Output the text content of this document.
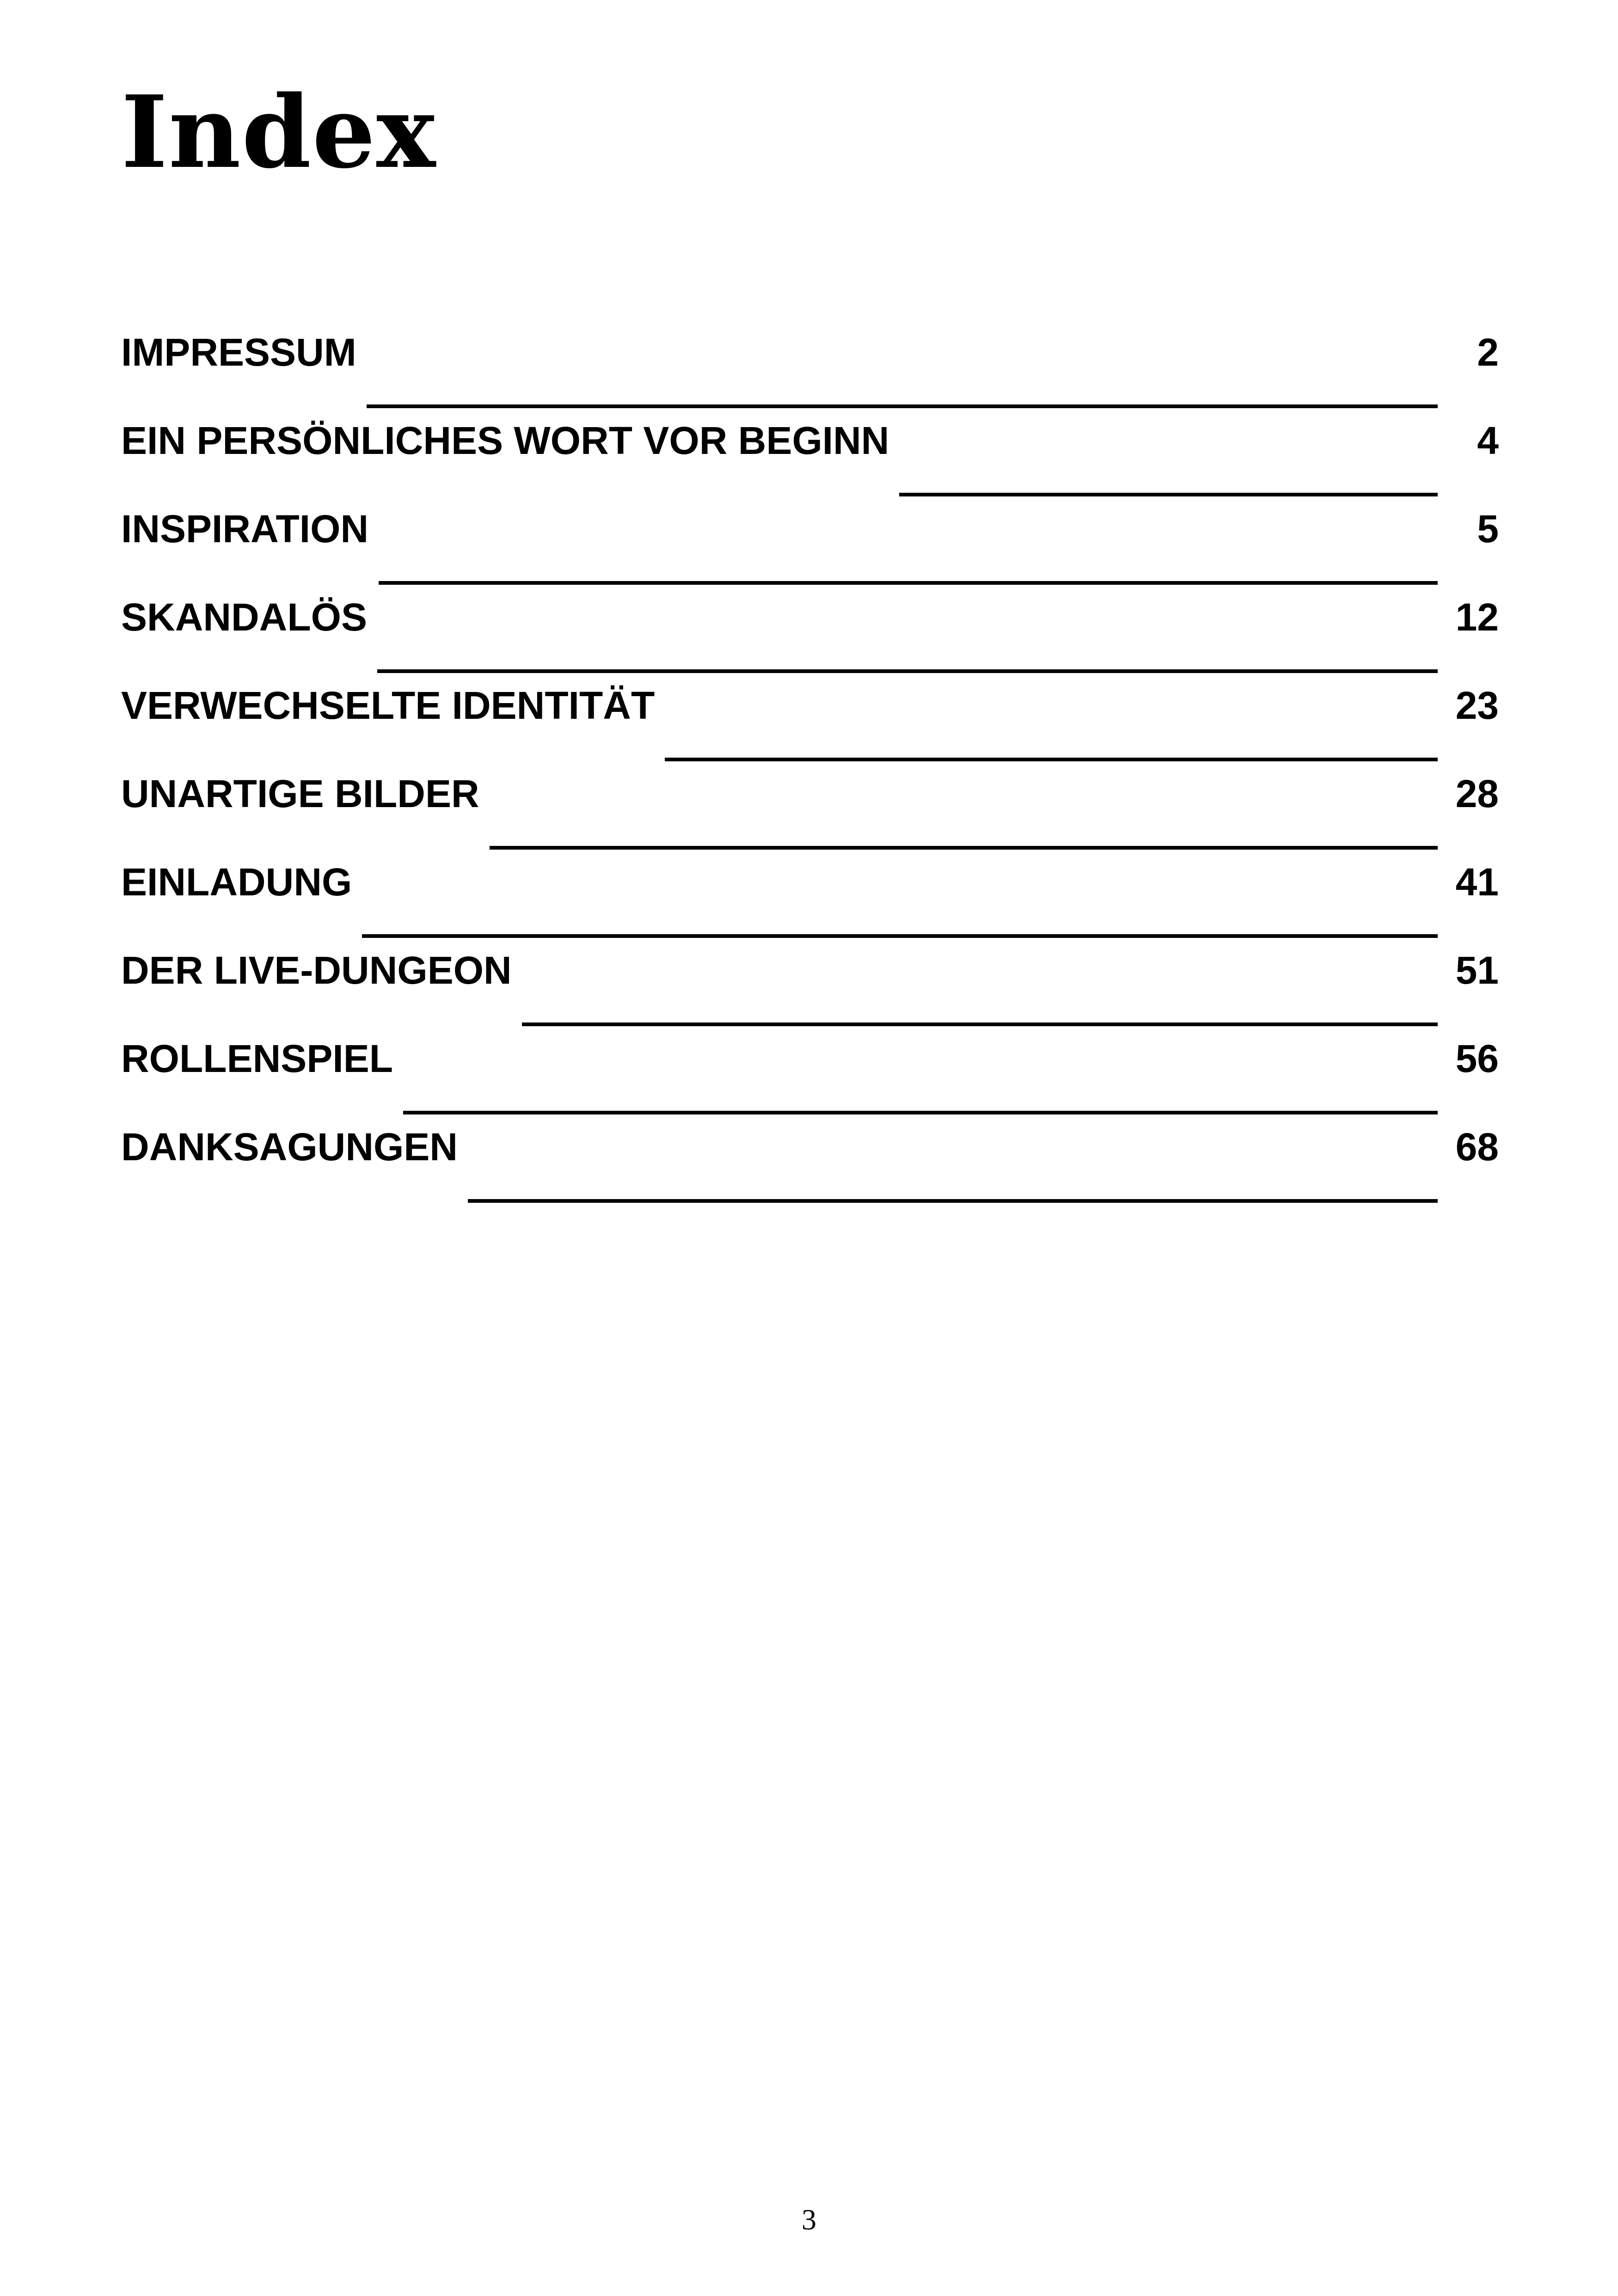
Index
IMPRESSUM	2
EIN PERSÖNLICHES WORT VOR BEGINN	4
INSPIRATION	5
SKANDALÖS	12
VERWECHSELTE IDENTITÄT	23
UNARTIGE BILDER	28
EINLADUNG	41
DER LIVE-DUNGEON	51
ROLLENSPIEL	56
DANKSAGUNGEN	68
3
